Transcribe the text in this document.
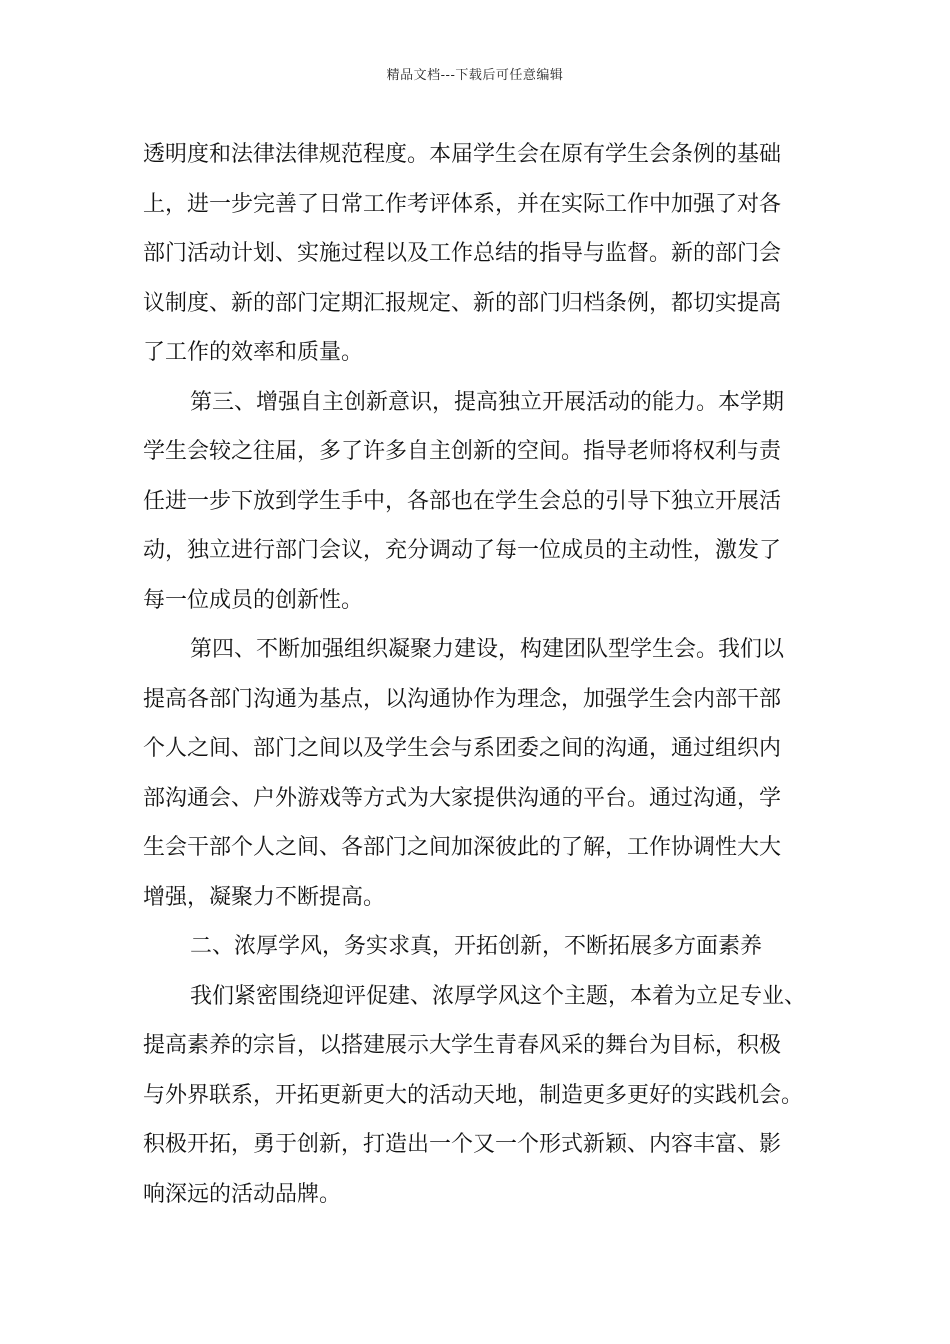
精品文档---下载后可任意编辑

透明度和法律法律规范程度。本届学生会在原有学生会条例的基础
上，进一步完善了日常工作考评体系，并在实际工作中加强了对各
部门活动计划、实施过程以及工作总结的指导与监督。新的部门会
议制度、新的部门定期汇报规定、新的部门归档条例，都切实提高
了工作的效率和质量。

第三、增强自主创新意识，提高独立开展活动的能力。本学期
学生会较之往届，多了许多自主创新的空间。指导老师将权利与责
任进一步下放到学生手中，各部也在学生会总的引导下独立开展活
动，独立进行部门会议，充分调动了每一位成员的主动性，激发了
每一位成员的创新性。

第四、不断加强组织凝聚力建设，构建团队型学生会。我们以
提高各部门沟通为基点，以沟通协作为理念，加强学生会内部干部
个人之间、部门之间以及学生会与系团委之间的沟通，通过组织内
部沟通会、户外游戏等方式为大家提供沟通的平台。通过沟通，学
生会干部个人之间、各部门之间加深彼此的了解，工作协调性大大
增强，凝聚力不断提高。

二、浓厚学风，务实求真，开拓创新，不断拓展多方面素养

我们紧密围绕迎评促建、浓厚学风这个主题，本着为立足专业、
提高素养的宗旨，以搭建展示大学生青春风采的舞台为目标，积极
与外界联系，开拓更新更大的活动天地，制造更多更好的实践机会。
积极开拓，勇于创新，打造出一个又一个形式新颖、内容丰富、影
响深远的活动品牌。
